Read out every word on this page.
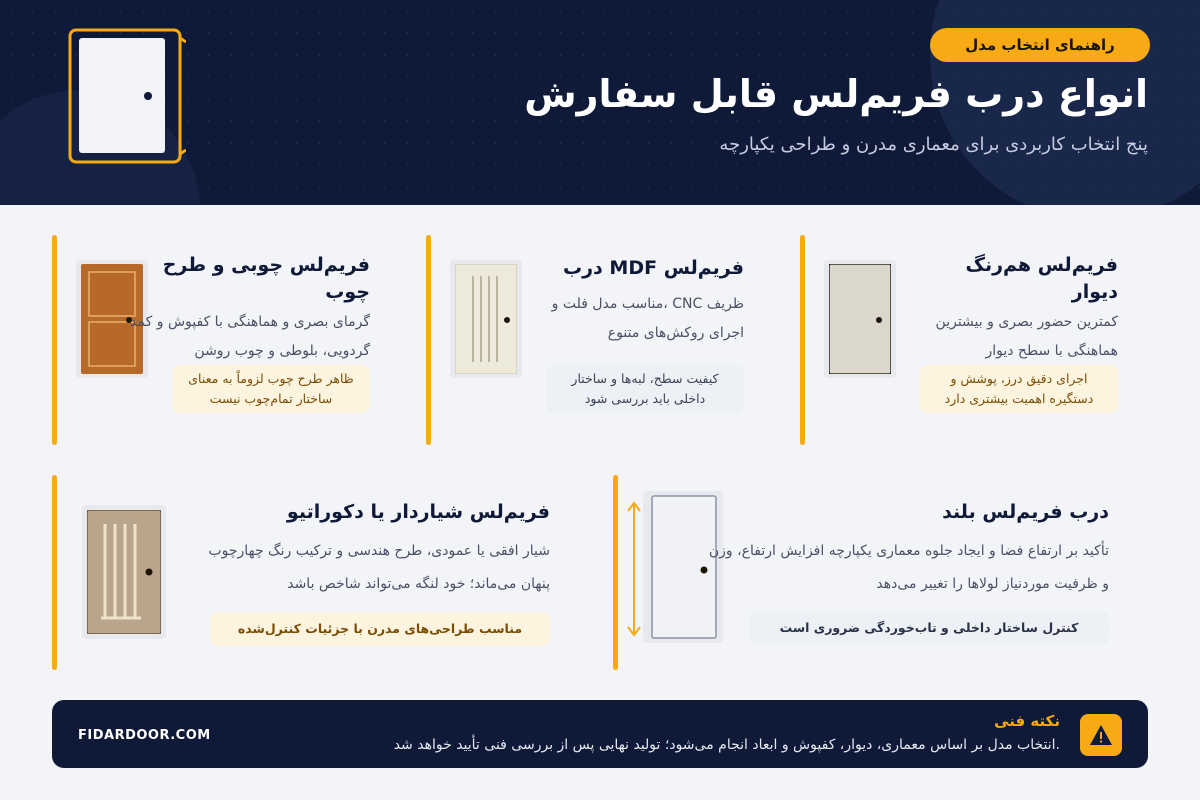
راهنمای انتخاب مدل
انواع درب فریم‌لس قابل سفارش
پنج انتخاب کاربردی برای معماری مدرن و طراحی یکپارچه
فریم‌لس چوبی و طرح چوب
گرمای بصری و هماهنگی با کفپوش و کمد گردویی، بلوطی و چوب روشن
ظاهر طرح چوب لزوماً به معنای ساختار تمام‌چوب نیست
فریم‌لس MDF درب
ظریف CNC ،مناسب مدل فلت و اجرای روکش‌های متنوع
کیفیت سطح، لبه‌ها و ساختار داخلی باید بررسی شود
فریم‌لس هم‌رنگ دیوار
کمترین حضور بصری و بیشترین هماهنگی با سطح دیوار
اجرای دقیق درز، پوشش و دستگیره اهمیت بیشتری دارد
فریم‌لس شیاردار یا دکوراتیو
شیار افقی یا عمودی، طرح هندسی و ترکیب رنگ چهارچوب پنهان می‌ماند؛ خود لنگه می‌تواند شاخص باشد
مناسب طراحی‌های مدرن با جزئیات کنترل‌شده
درب فریم‌لس بلند
تأکید بر ارتفاع فضا و ایجاد جلوه معماری یکپارچه افزایش ارتفاع، وزن و ظرفیت موردنیاز لولاها را تغییر می‌دهد
کنترل ساختار داخلی و تاب‌خوردگی ضروری است
FIDARDOOR.COM
نکته فنی
.انتخاب مدل بر اساس معماری، دیوار، کفپوش و ابعاد انجام می‌شود؛ تولید نهایی پس از بررسی فنی تأیید خواهد شد
